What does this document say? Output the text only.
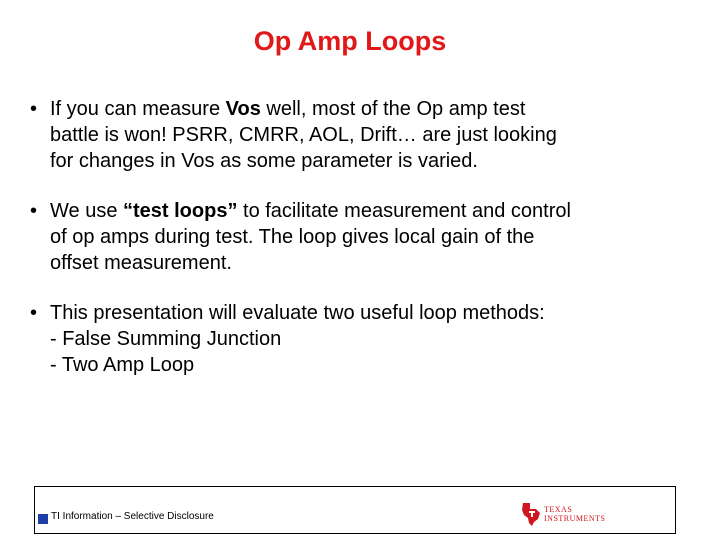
Op Amp Loops
• If you can measure Vos well, most of the Op amp test
battle is won! PSRR, CMRR, AOL, Drift… are just looking
for changes in Vos as some parameter is varied.
• We use “test loops” to facilitate measurement and control
of op amps during test. The loop gives local gain of the
offset measurement.
• This presentation will evaluate two useful loop methods:
- False Summing Junction
- Two Amp Loop
TI Information – Selective Disclosure
TEXAS
INSTRUMENTS
